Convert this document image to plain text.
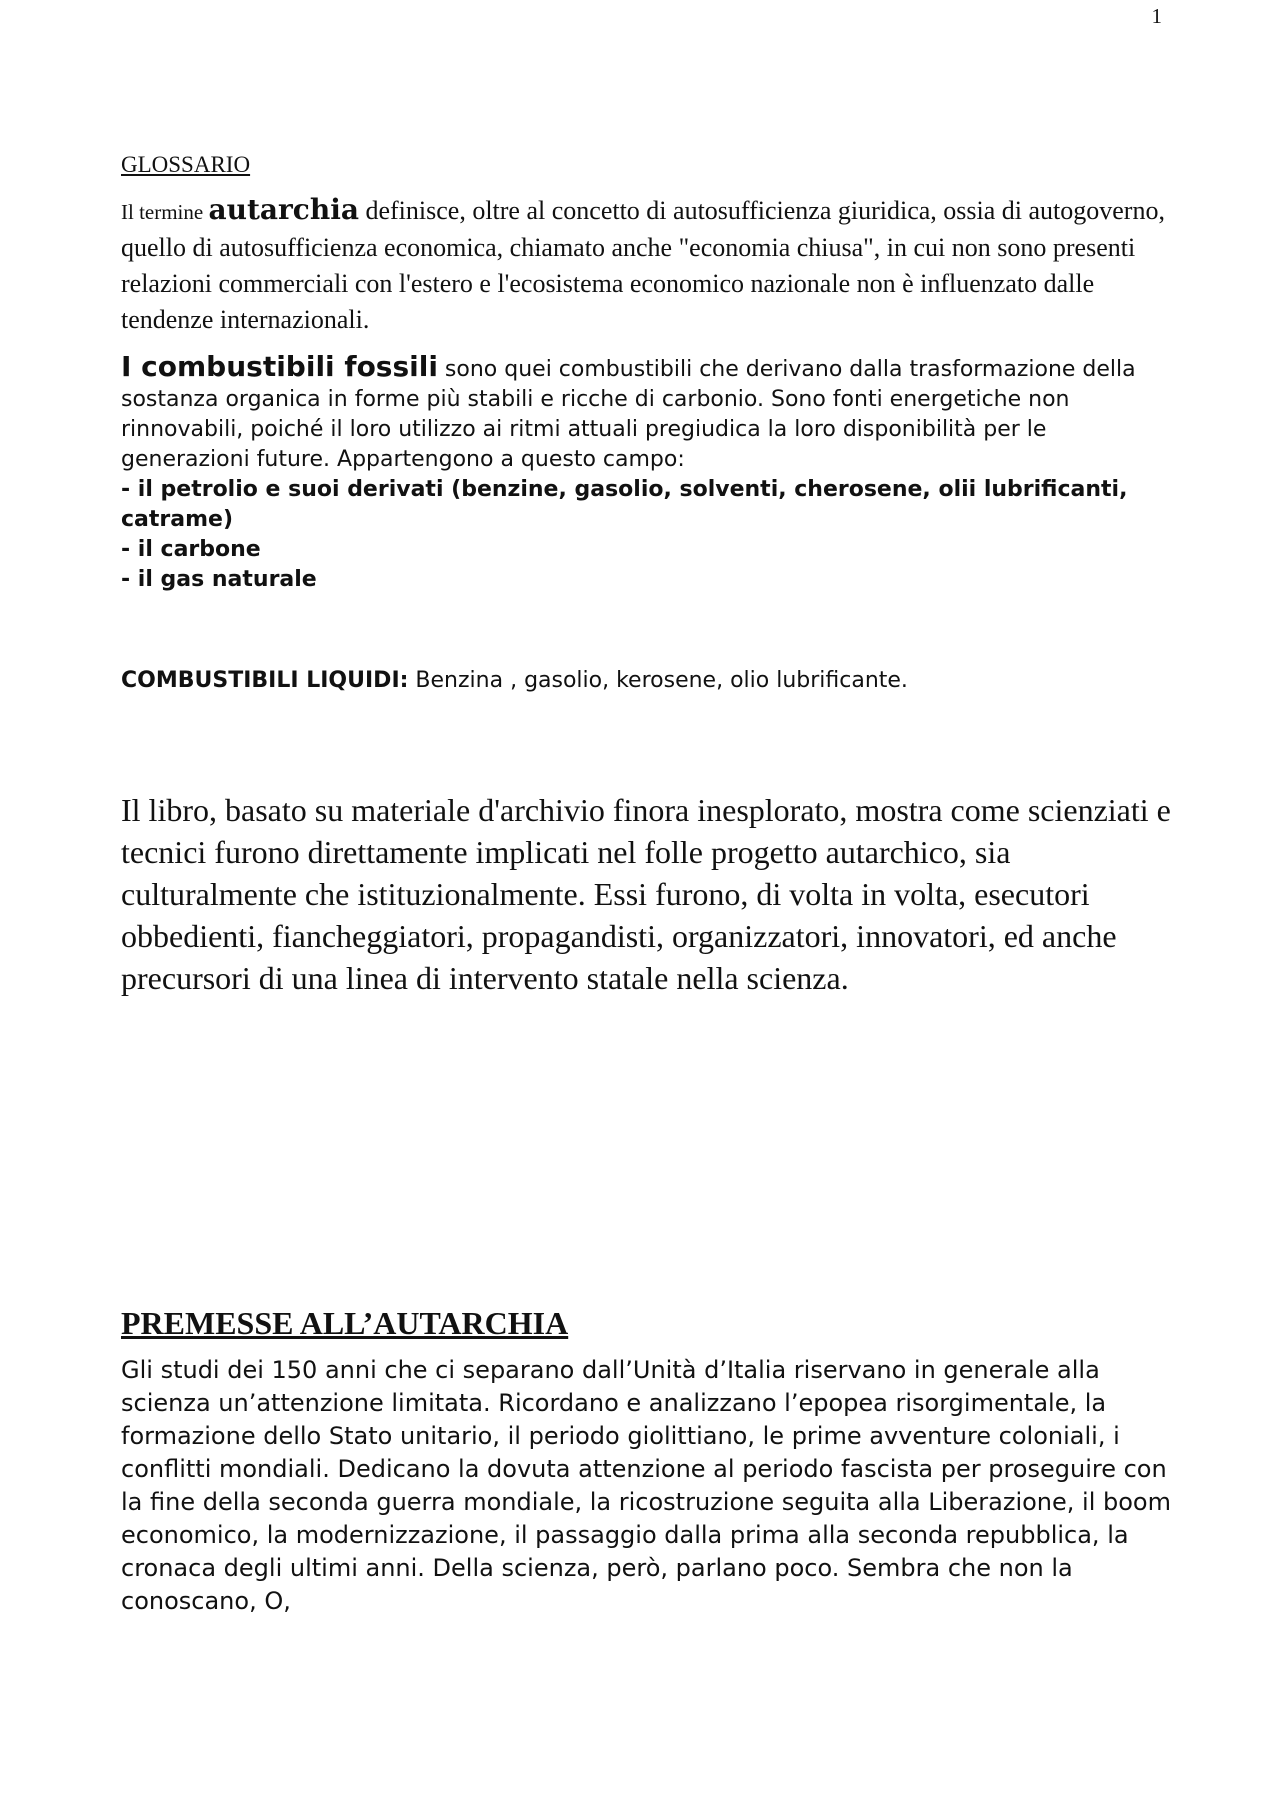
1
GLOSSARIO

Il termine autarchia definisce, oltre al concetto di autosufficienza giuridica, ossia di autogoverno, quello di autosufficienza economica, chiamato anche "economia chiusa", in cui non sono presenti relazioni commerciali con l'estero e l'ecosistema economico nazionale non è influenzato dalle tendenze internazionali.

I combustibili fossili sono quei combustibili che derivano dalla trasformazione della sostanza organica in forme più stabili e ricche di carbonio. Sono fonti energetiche non rinnovabili, poiché il loro utilizzo ai ritmi attuali pregiudica la loro disponibilità per le generazioni future. Appartengono a questo campo:

- il petrolio e suoi derivati (benzine, gasolio, solventi, cherosene, olii lubrificanti, catrame)

- il carbone

- il gas naturale

COMBUSTIBILI LIQUIDI: Benzina , gasolio, kerosene, olio lubrificante.

Il libro, basato su materiale d'archivio finora inesplorato, mostra come scienziati e tecnici furono direttamente implicati nel folle progetto autarchico, sia culturalmente che istituzionalmente. Essi furono, di volta in volta, esecutori obbedienti, fiancheggiatori, propagandisti, organizzatori, innovatori, ed anche precursori di una linea di intervento statale nella scienza.

PREMESSE ALL’AUTARCHIA

Gli studi dei 150 anni che ci separano dall’Unità d’Italia riservano in generale alla scienza un’attenzione limitata. Ricordano e analizzano l’epopea risorgimentale, la formazione dello Stato unitario, il periodo giolittiano, le prime avventure coloniali, i conflitti mondiali. Dedicano la dovuta attenzione al periodo fascista per proseguire con la fine della seconda guerra mondiale, la ricostruzione seguita alla Liberazione, il boom economico, la modernizzazione, il passaggio dalla prima alla seconda repubblica, la cronaca degli ultimi anni. Della scienza, però, parlano poco. Sembra che non la conoscano, O,
